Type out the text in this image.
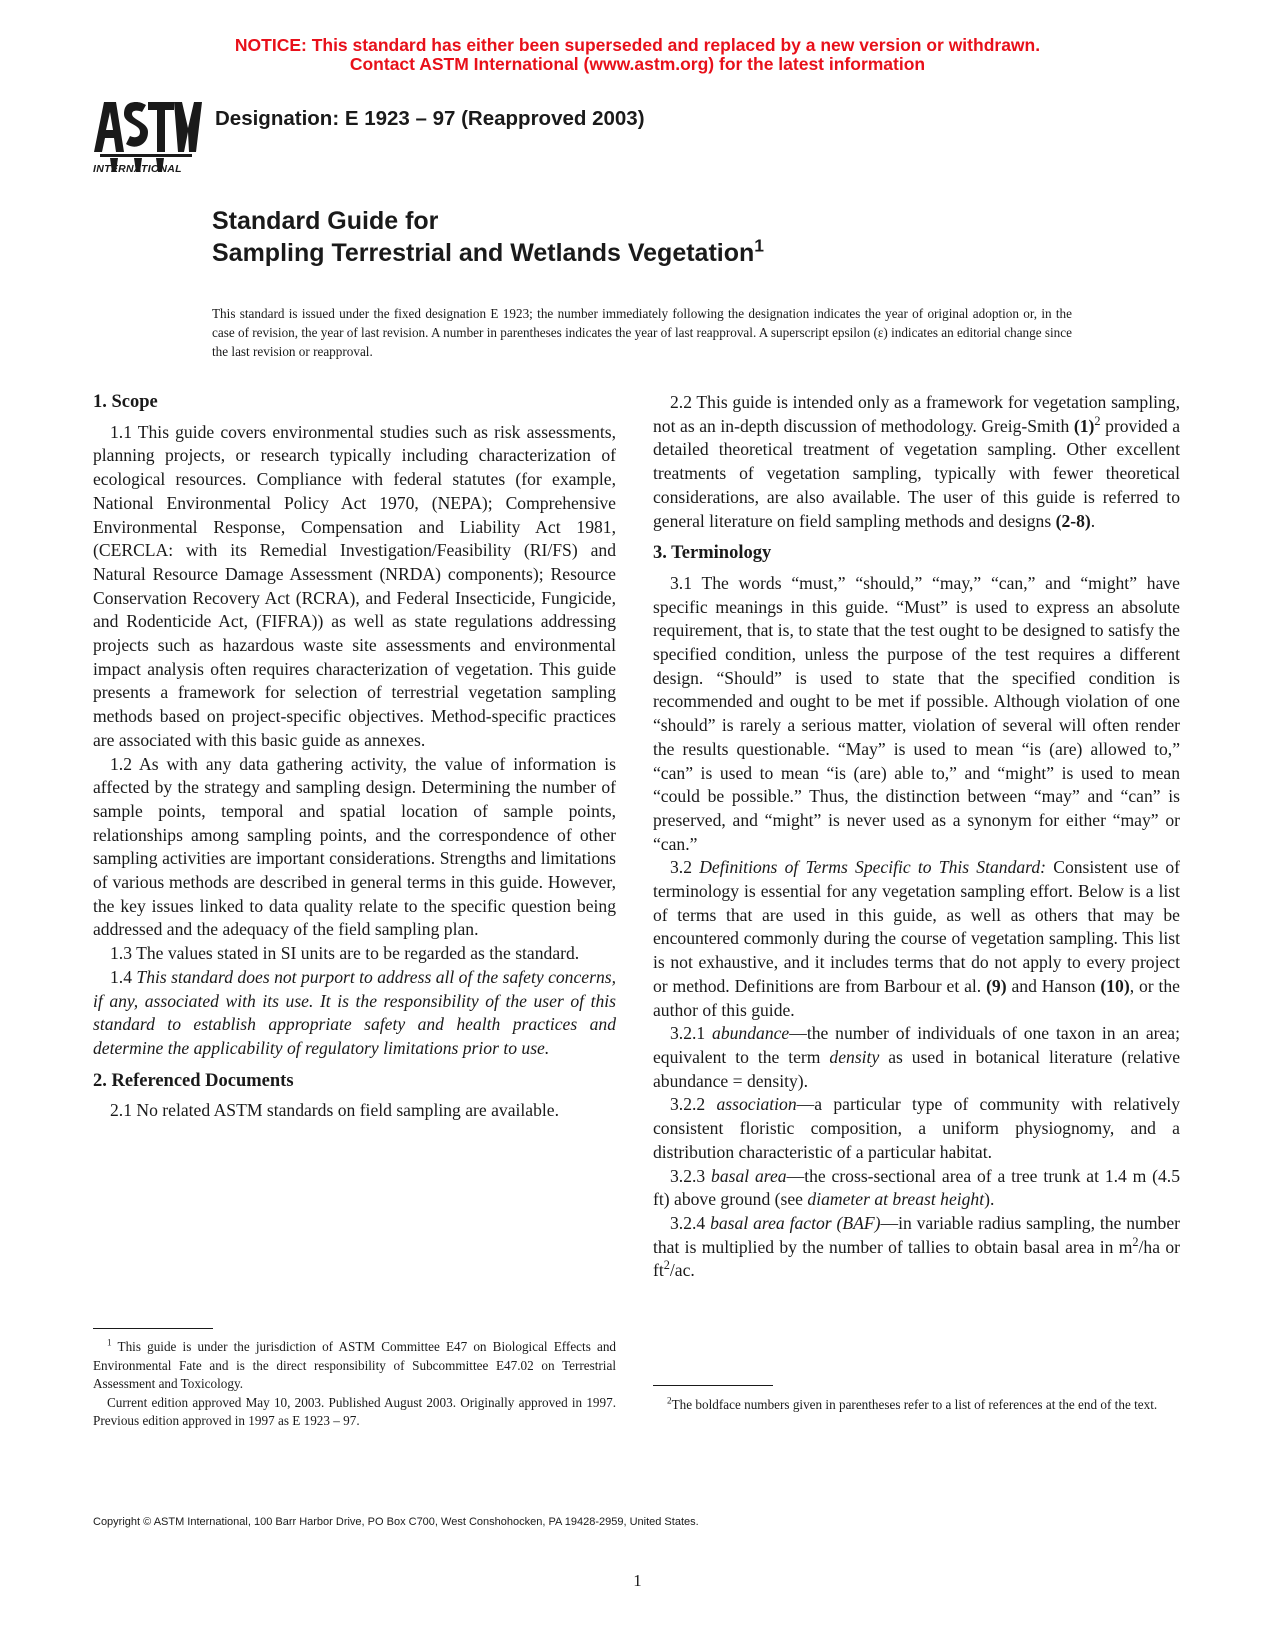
NOTICE: This standard has either been superseded and replaced by a new version or withdrawn.
Contact ASTM International (www.astm.org) for the latest information
INTERNATIONAL
Designation: E 1923 – 97 (Reapproved 2003)
Standard Guide for
Sampling Terrestrial and Wetlands Vegetation$^1$
This standard is issued under the fixed designation E 1923; the number immediately following the designation indicates the year of original adoption or, in the case of revision, the year of last revision. A number in parentheses indicates the year of last reapproval. A superscript epsilon (ε) indicates an editorial change since the last revision or reapproval.
1. Scope

1.1 This guide covers environmental studies such as risk assessments, planning projects, or research typically including characterization of ecological resources. Compliance with federal statutes (for example, National Environmental Policy Act 1970, (NEPA); Comprehensive Environmental Response, Compensation and Liability Act 1981, (CERCLA: with its Remedial Investigation/Feasibility (RI/FS) and Natural Resource Damage Assessment (NRDA) components); Resource Conservation Recovery Act (RCRA), and Federal Insecticide, Fungicide, and Rodenticide Act, (FIFRA)) as well as state regulations addressing projects such as hazardous waste site assessments and environmental impact analysis often requires characterization of vegetation. This guide presents a framework for selection of terrestrial vegetation sampling methods based on project-specific objectives. Method-specific practices are associated with this basic guide as annexes.

1.2 As with any data gathering activity, the value of information is affected by the strategy and sampling design. Determining the number of sample points, temporal and spatial location of sample points, relationships among sampling points, and the correspondence of other sampling activities are important considerations. Strengths and limitations of various methods are described in general terms in this guide. However, the key issues linked to data quality relate to the specific question being addressed and the adequacy of the field sampling plan.

1.3 The values stated in SI units are to be regarded as the standard.

1.4 This standard does not purport to address all of the safety concerns, if any, associated with its use. It is the responsibility of the user of this standard to establish appropriate safety and health practices and determine the applicability of regulatory limitations prior to use.

2. Referenced Documents

2.1 No related ASTM standards on field sampling are available.

$^1$ This guide is under the jurisdiction of ASTM Committee E47 on Biological Effects and Environmental Fate and is the direct responsibility of Subcommittee E47.02 on Terrestrial Assessment and Toxicology.

Current edition approved May 10, 2003. Published August 2003. Originally approved in 1997. Previous edition approved in 1997 as E 1923 – 97.

2.2 This guide is intended only as a framework for vegetation sampling, not as an in-depth discussion of methodology. Greig-Smith $(1)^2$ provided a detailed theoretical treatment of vegetation sampling. Other excellent treatments of vegetation sampling, typically with fewer theoretical considerations, are also available. The user of this guide is referred to general literature on field sampling methods and designs (2-8).

3. Terminology

3.1 The words “must,” “should,” “may,” “can,” and “might” have specific meanings in this guide. “Must” is used to express an absolute requirement, that is, to state that the test ought to be designed to satisfy the specified condition, unless the purpose of the test requires a different design. “Should” is used to state that the specified condition is recommended and ought to be met if possible. Although violation of one “should” is rarely a serious matter, violation of several will often render the results questionable. “May” is used to mean “is (are) allowed to,” “can” is used to mean “is (are) able to,” and “might” is used to mean “could be possible.” Thus, the distinction between “may” and “can” is preserved, and “might” is never used as a synonym for either “may” or “can.”

3.2 Definitions of Terms Specific to This Standard: Consistent use of terminology is essential for any vegetation sampling effort. Below is a list of terms that are used in this guide, as well as others that may be encountered commonly during the course of vegetation sampling. This list is not exhaustive, and it includes terms that do not apply to every project or method. Definitions are from Barbour et al. (9) and Hanson (10), or the author of this guide.

3.2.1 abundance—the number of individuals of one taxon in an area; equivalent to the term density as used in botanical literature (relative abundance = density).

3.2.2 association—a particular type of community with relatively consistent floristic composition, a uniform physiognomy, and a distribution characteristic of a particular habitat.

3.2.3 basal area—the cross-sectional area of a tree trunk at 1.4 m (4.5 ft) above ground (see diameter at breast height).

3.2.4 basal area factor (BAF)—in variable radius sampling, the number that is multiplied by the number of tallies to obtain basal area in $m^2/ha$ or $ft^2/ac$.

$^2$The boldface numbers given in parentheses refer to a list of references at the end of the text.

Copyright © ASTM International, 100 Barr Harbor Drive, PO Box C700, West Conshohocken, PA 19428-2959, United States.
1
